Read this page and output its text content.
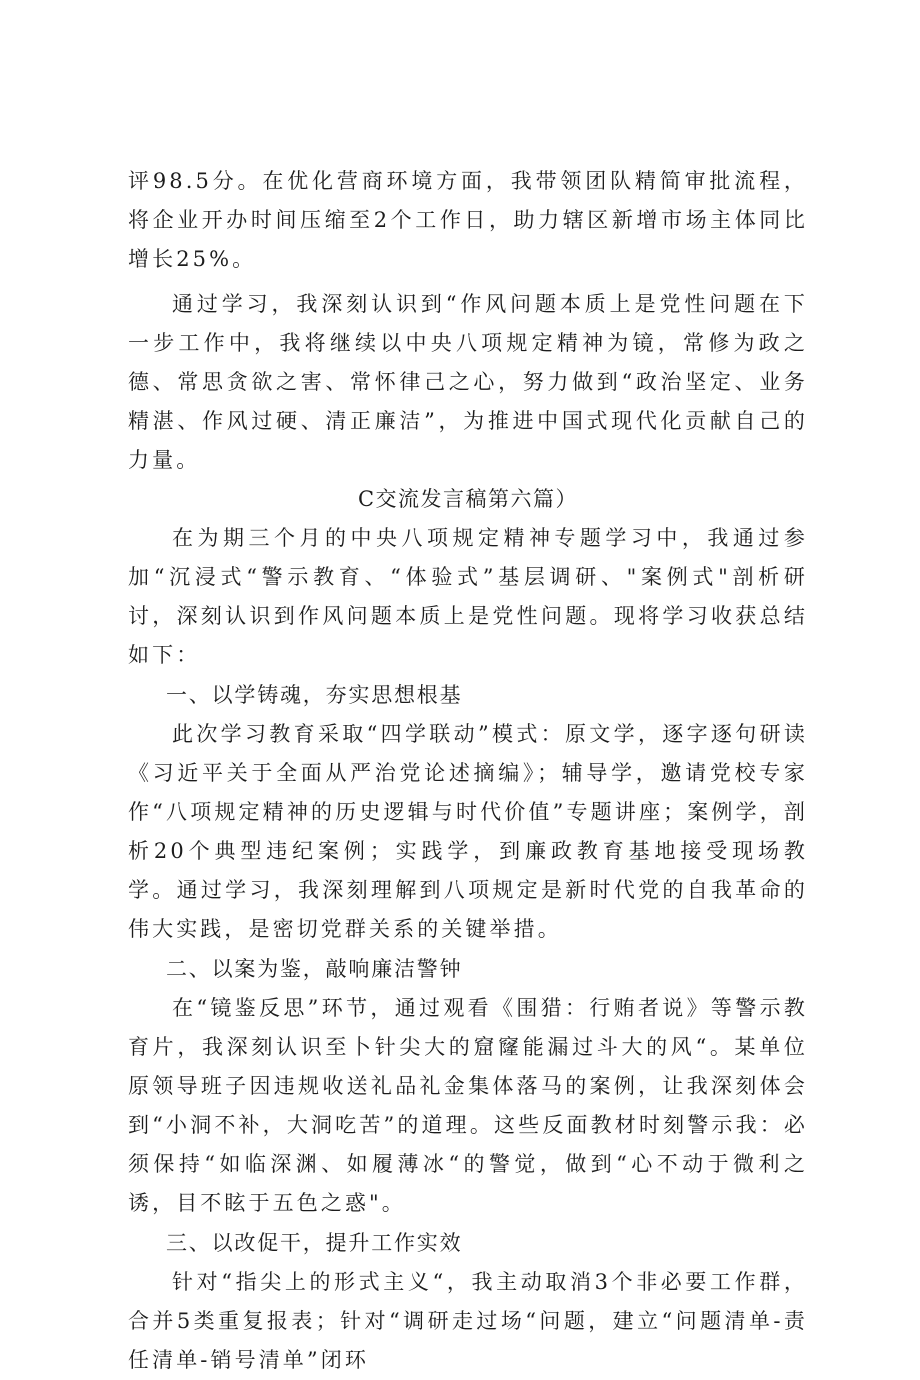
评98.5分。在优化营商环境方面，我带领团队精简审批流程，将企业开办时间压缩至2个工作日，助力辖区新增市场主体同比增长25%。

通过学习，我深刻认识到“作风问题本质上是党性问题在下一步工作中，我将继续以中央八项规定精神为镜，常修为政之德、常思贪欲之害、常怀律己之心，努力做到“政治坚定、业务精湛、作风过硬、清正廉洁”，为推进中国式现代化贡献自己的力量。

C交流发言稿第六篇）

在为期三个月的中央八项规定精神专题学习中，我通过参加“沉浸式“警示教育、“体验式”基层调研、"案例式"剖析研讨，深刻认识到作风问题本质上是党性问题。现将学习收获总结如下：

一、以学铸魂，夯实思想根基

此次学习教育采取“四学联动”模式：原文学，逐字逐句研读《习近平关于全面从严治党论述摘编》；辅导学，邀请党校专家作“八项规定精神的历史逻辑与时代价值”专题讲座；案例学，剖析20个典型违纪案例；实践学，到廉政教育基地接受现场教学。通过学习，我深刻理解到八项规定是新时代党的自我革命的伟大实践，是密切党群关系的关键举措。

二、以案为鉴，敲响廉洁警钟

在“镜鉴反思”环节，通过观看《围猎：行贿者说》等警示教育片，我深刻认识至卜针尖大的窟窿能漏过斗大的风“。某单位原领导班子因违规收送礼品礼金集体落马的案例，让我深刻体会到“小洞不补，大洞吃苦”的道理。这些反面教材时刻警示我：必须保持“如临深渊、如履薄冰“的警觉，做到“心不动于微利之诱，目不眩于五色之惑"。

三、以改促干，提升工作实效

针对“指尖上的形式主义“，我主动取消3个非必要工作群，合并5类重复报表；针对“调研走过场“问题，建立“问题清单-责任清单-销号清单”闭环
